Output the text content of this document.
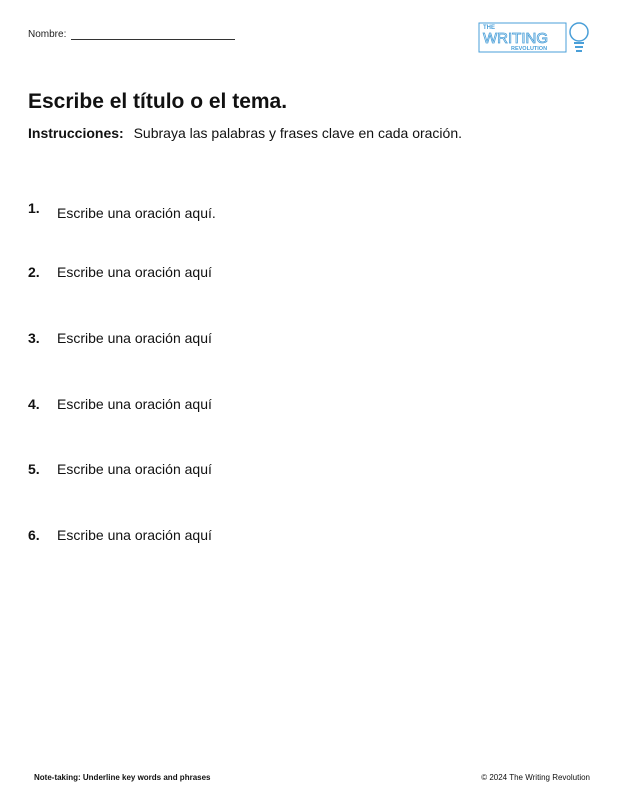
Nombre:
THE
WRITING
REVOLUTION
Escribe el título o el tema.
Instrucciones: Subraya las palabras y frases clave en cada oración.
1. Escribe una oración aquí.
2. Escribe una oración aquí
3. Escribe una oración aquí
4. Escribe una oración aquí
5. Escribe una oración aquí
6. Escribe una oración aquí
Note-taking: Underline key words and phrases	© 2024 The Writing Revolution
